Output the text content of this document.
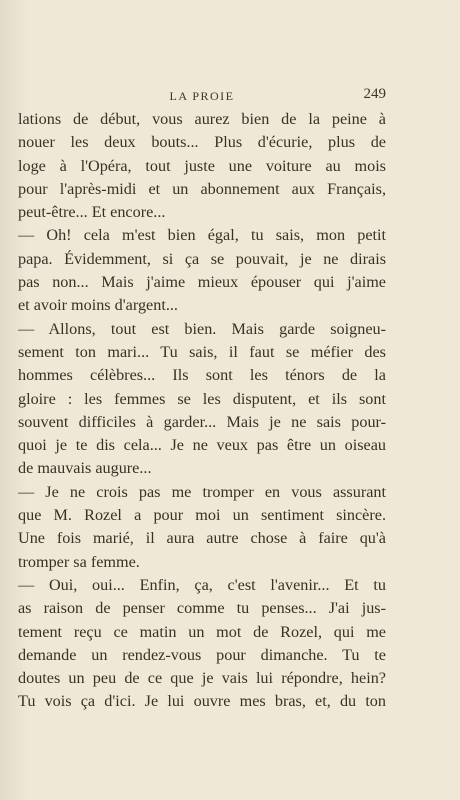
LA PROIE	249
lations de début, vous aurez bien de la peine à
nouer les deux bouts... Plus d'écurie, plus de
loge à l'Opéra, tout juste une voiture au mois
pour l'après-midi et un abonnement aux Français,
peut-être... Et encore...
— Oh! cela m'est bien égal, tu sais, mon petit
papa. Évidemment, si ça se pouvait, je ne dirais
pas non... Mais j'aime mieux épouser qui j'aime
et avoir moins d'argent...
— Allons, tout est bien. Mais garde soigneu-
sement ton mari... Tu sais, il faut se méfier des
hommes célèbres... Ils sont les ténors de la
gloire : les femmes se les disputent, et ils sont
souvent difficiles à garder... Mais je ne sais pour-
quoi je te dis cela... Je ne veux pas être un oiseau
de mauvais augure...
— Je ne crois pas me tromper en vous assurant
que M. Rozel a pour moi un sentiment sincère.
Une fois marié, il aura autre chose à faire qu'à
tromper sa femme.
— Oui, oui... Enfin, ça, c'est l'avenir... Et tu
as raison de penser comme tu penses... J'ai jus-
tement reçu ce matin un mot de Rozel, qui me
demande un rendez-vous pour dimanche. Tu te
doutes un peu de ce que je vais lui répondre, hein?
Tu vois ça d'ici. Je lui ouvre mes bras, et, du ton
